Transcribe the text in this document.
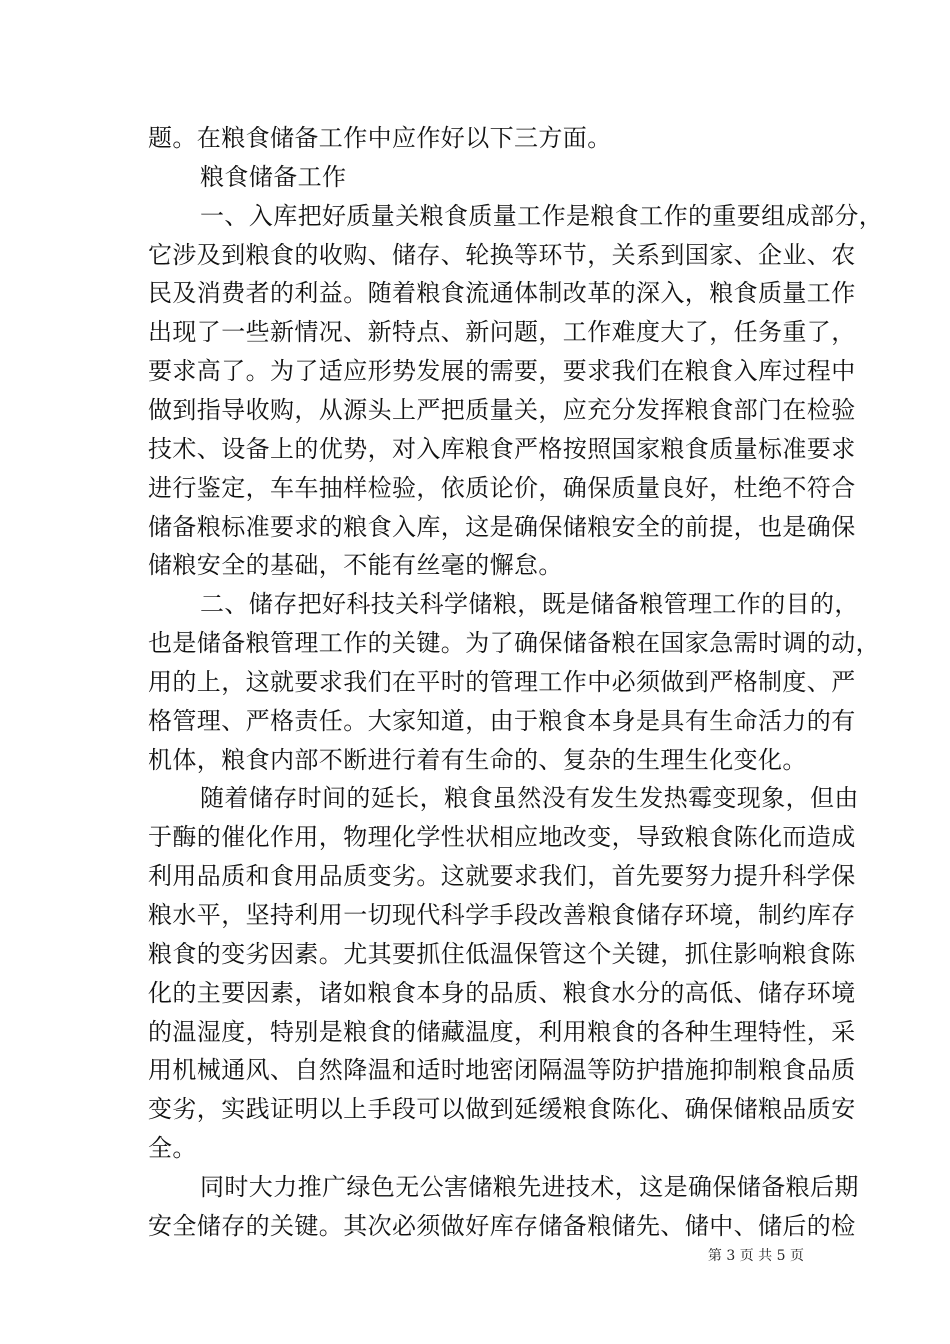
题。在粮食储备工作中应作好以下三方面。
粮食储备工作
一、入库把好质量关粮食质量工作是粮食工作的重要组成部分，
它涉及到粮食的收购、储存、轮换等环节，关系到国家、企业、农
民及消费者的利益。随着粮食流通体制改革的深入，粮食质量工作
出现了一些新情况、新特点、新问题，工作难度大了，任务重了，
要求高了。为了适应形势发展的需要，要求我们在粮食入库过程中
做到指导收购，从源头上严把质量关，应充分发挥粮食部门在检验
技术、设备上的优势，对入库粮食严格按照国家粮食质量标准要求
进行鉴定，车车抽样检验，依质论价，确保质量良好，杜绝不符合
储备粮标准要求的粮食入库，这是确保储粮安全的前提，也是确保
储粮安全的基础，不能有丝毫的懈怠。
二、储存把好科技关科学储粮，既是储备粮管理工作的目的，
也是储备粮管理工作的关键。为了确保储备粮在国家急需时调的动，
用的上，这就要求我们在平时的管理工作中必须做到严格制度、严
格管理、严格责任。大家知道，由于粮食本身是具有生命活力的有
机体，粮食内部不断进行着有生命的、复杂的生理生化变化。
随着储存时间的延长，粮食虽然没有发生发热霉变现象，但由
于酶的催化作用，物理化学性状相应地改变，导致粮食陈化而造成
利用品质和食用品质变劣。这就要求我们，首先要努力提升科学保
粮水平，坚持利用一切现代科学手段改善粮食储存环境，制约库存
粮食的变劣因素。尤其要抓住低温保管这个关键，抓住影响粮食陈
化的主要因素，诸如粮食本身的品质、粮食水分的高低、储存环境
的温湿度，特别是粮食的储藏温度，利用粮食的各种生理特性，采
用机械通风、自然降温和适时地密闭隔温等防护措施抑制粮食品质
变劣，实践证明以上手段可以做到延缓粮食陈化、确保储粮品质安
全。
同时大力推广绿色无公害储粮先进技术，这是确保储备粮后期
安全储存的关键。其次必须做好库存储备粮储先、储中、储后的检
第 3 页 共 5 页
